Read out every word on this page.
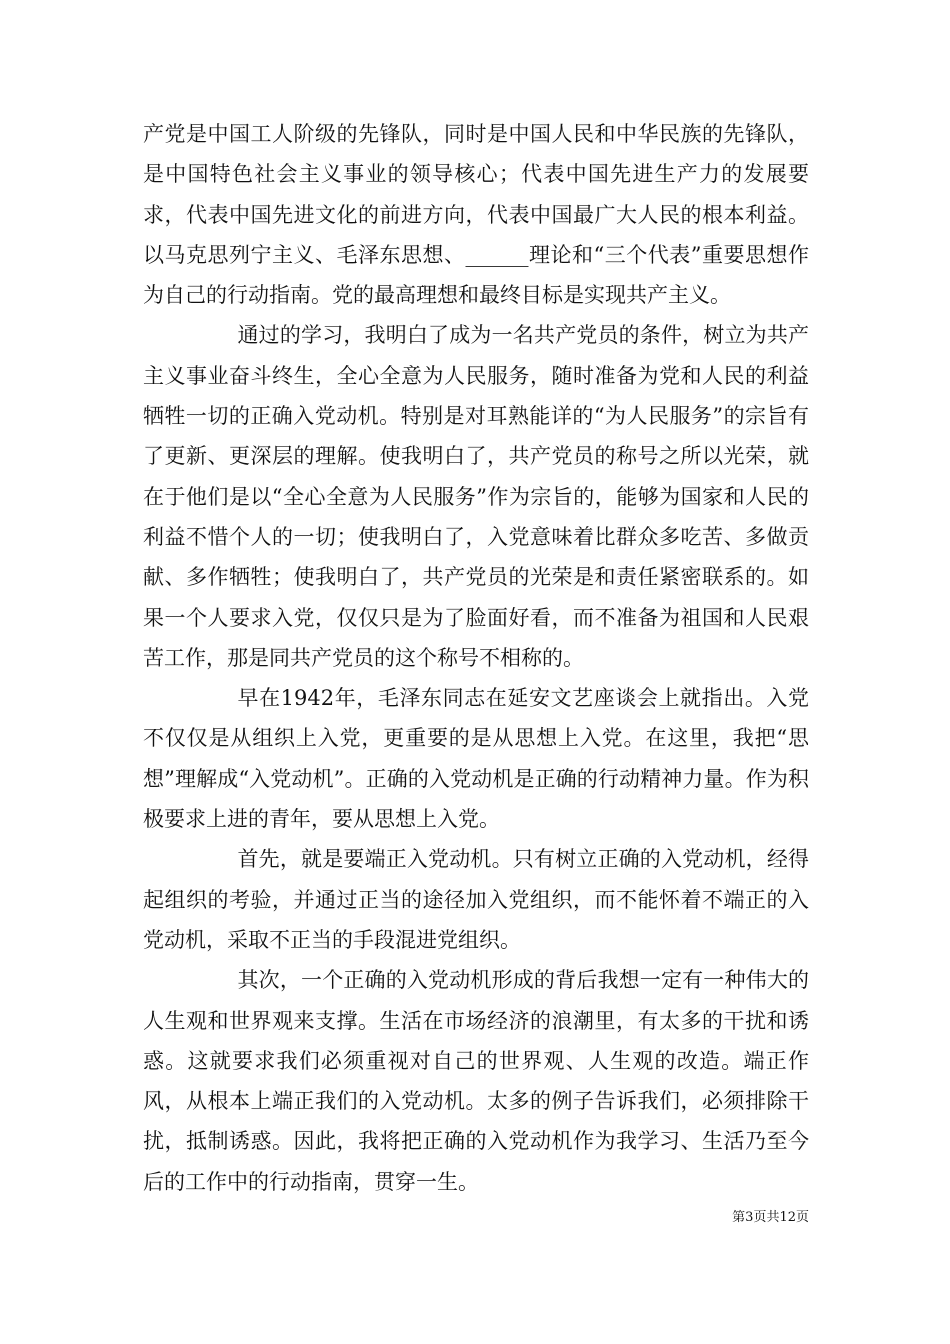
产党是中国工人阶级的先锋队，同时是中国人民和中华民族的先锋队，是中国特色社会主义事业的领导核心；代表中国先进生产力的发展要求，代表中国先进文化的前进方向，代表中国最广大人民的根本利益。以马克思列宁主义、毛泽东思想、______理论和“三个代表”重要思想作为自己的行动指南。党的最高理想和最终目标是实现共产主义。

通过的学习，我明白了成为一名共产党员的条件，树立为共产主义事业奋斗终生，全心全意为人民服务，随时准备为党和人民的利益牺牲一切的正确入党动机。特别是对耳熟能详的“为人民服务”的宗旨有了更新、更深层的理解。使我明白了，共产党员的称号之所以光荣，就在于他们是以“全心全意为人民服务”作为宗旨的，能够为国家和人民的利益不惜个人的一切；使我明白了，入党意味着比群众多吃苦、多做贡献、多作牺牲；使我明白了，共产党员的光荣是和责任紧密联系的。如果一个人要求入党，仅仅只是为了脸面好看，而不准备为祖国和人民艰苦工作，那是同共产党员的这个称号不相称的。

早在1942年，毛泽东同志在延安文艺座谈会上就指出。入党不仅仅是从组织上入党，更重要的是从思想上入党。在这里，我把“思想”理解成“入党动机”。正确的入党动机是正确的行动精神力量。作为积极要求上进的青年，要从思想上入党。

首先，就是要端正入党动机。只有树立正确的入党动机，经得起组织的考验，并通过正当的途径加入党组织，而不能怀着不端正的入党动机，采取不正当的手段混进党组织。

其次，一个正确的入党动机形成的背后我想一定有一种伟大的人生观和世界观来支撑。生活在市场经济的浪潮里，有太多的干扰和诱惑。这就要求我们必须重视对自己的世界观、人生观的改造。端正作风，从根本上端正我们的入党动机。太多的例子告诉我们，必须排除干扰，抵制诱惑。因此，我将把正确的入党动机作为我学习、生活乃至今后的工作中的行动指南，贯穿一生。

第3页共12页
